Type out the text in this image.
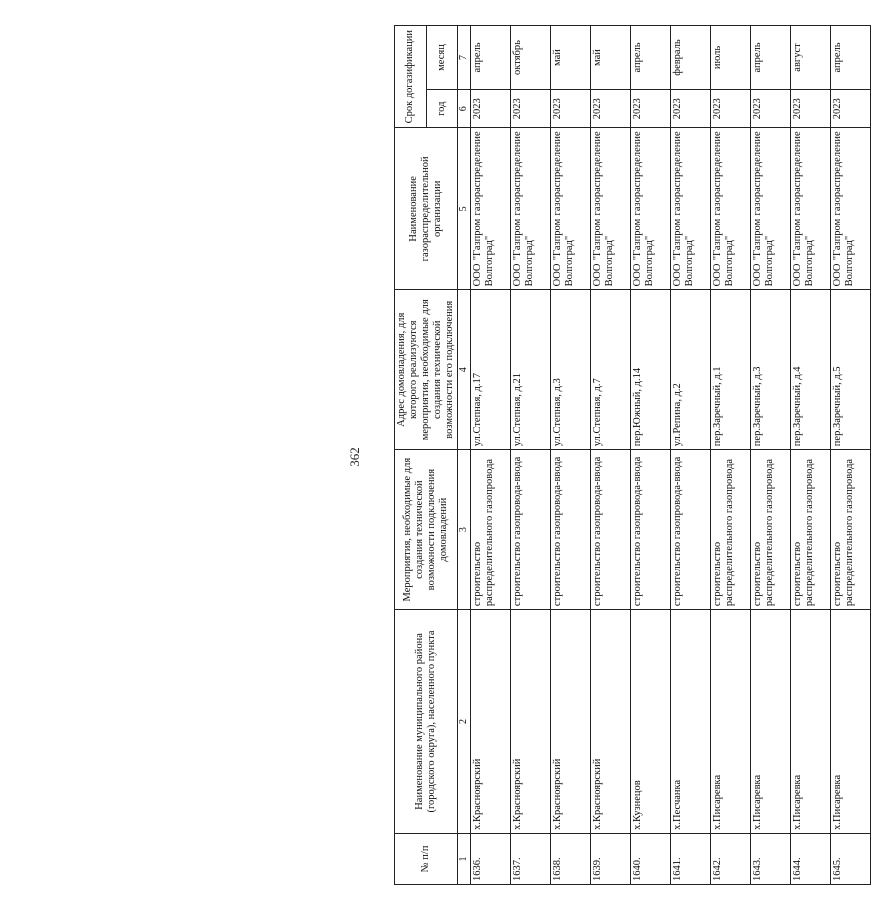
362
№ п/п	Наименование муниципального района (городского округа), населенного пункта	Мероприятия, необходимые для создания технической возможности подключения домовладений	Адрес домовладения, для которого реализуются мероприятия, необходимые для создания технической возможности его подключения	Наименование газораспределительной организации	Срок догазификации	
					год	месяц
1	2	3	4	5	6	7
1636.	х.Красноярский	строительство распределительного газопровода	ул.Степная, д.17	ООО "Газпром газораспределение Волгоград"	2023	апрель
1637.	х.Красноярский	строительство газопровода-ввода	ул.Степная, д.21	ООО "Газпром газораспределение Волгоград"	2023	октябрь
1638.	х.Красноярский	строительство газопровода-ввода	ул.Степная, д.3	ООО "Газпром газораспределение Волгоград"	2023	май
1639.	х.Красноярский	строительство газопровода-ввода	ул.Степная, д.7	ООО "Газпром газораспределение Волгоград"	2023	май
1640.	х.Кузнецов	строительство газопровода-ввода	пер.Южный, д.14	ООО "Газпром газораспределение Волгоград"	2023	апрель
1641.	х.Песчанка	строительство газопровода-ввода	ул.Репина, д.2	ООО "Газпром газораспределение Волгоград"	2023	февраль
1642.	х.Писаревка	строительство распределительного газопровода	пер.Заречный, д.1	ООО "Газпром газораспределение Волгоград"	2023	июль
1643.	х.Писаревка	строительство распределительного газопровода	пер.Заречный, д.3	ООО "Газпром газораспределение Волгоград"	2023	апрель
1644.	х.Писаревка	строительство распределительного газопровода	пер.Заречный, д.4	ООО "Газпром газораспределение Волгоград"	2023	август
1645.	х.Писаревка	строительство распределительного газопровода	пер.Заречный, д.5	ООО "Газпром газораспределение Волгоград"	2023	апрель
